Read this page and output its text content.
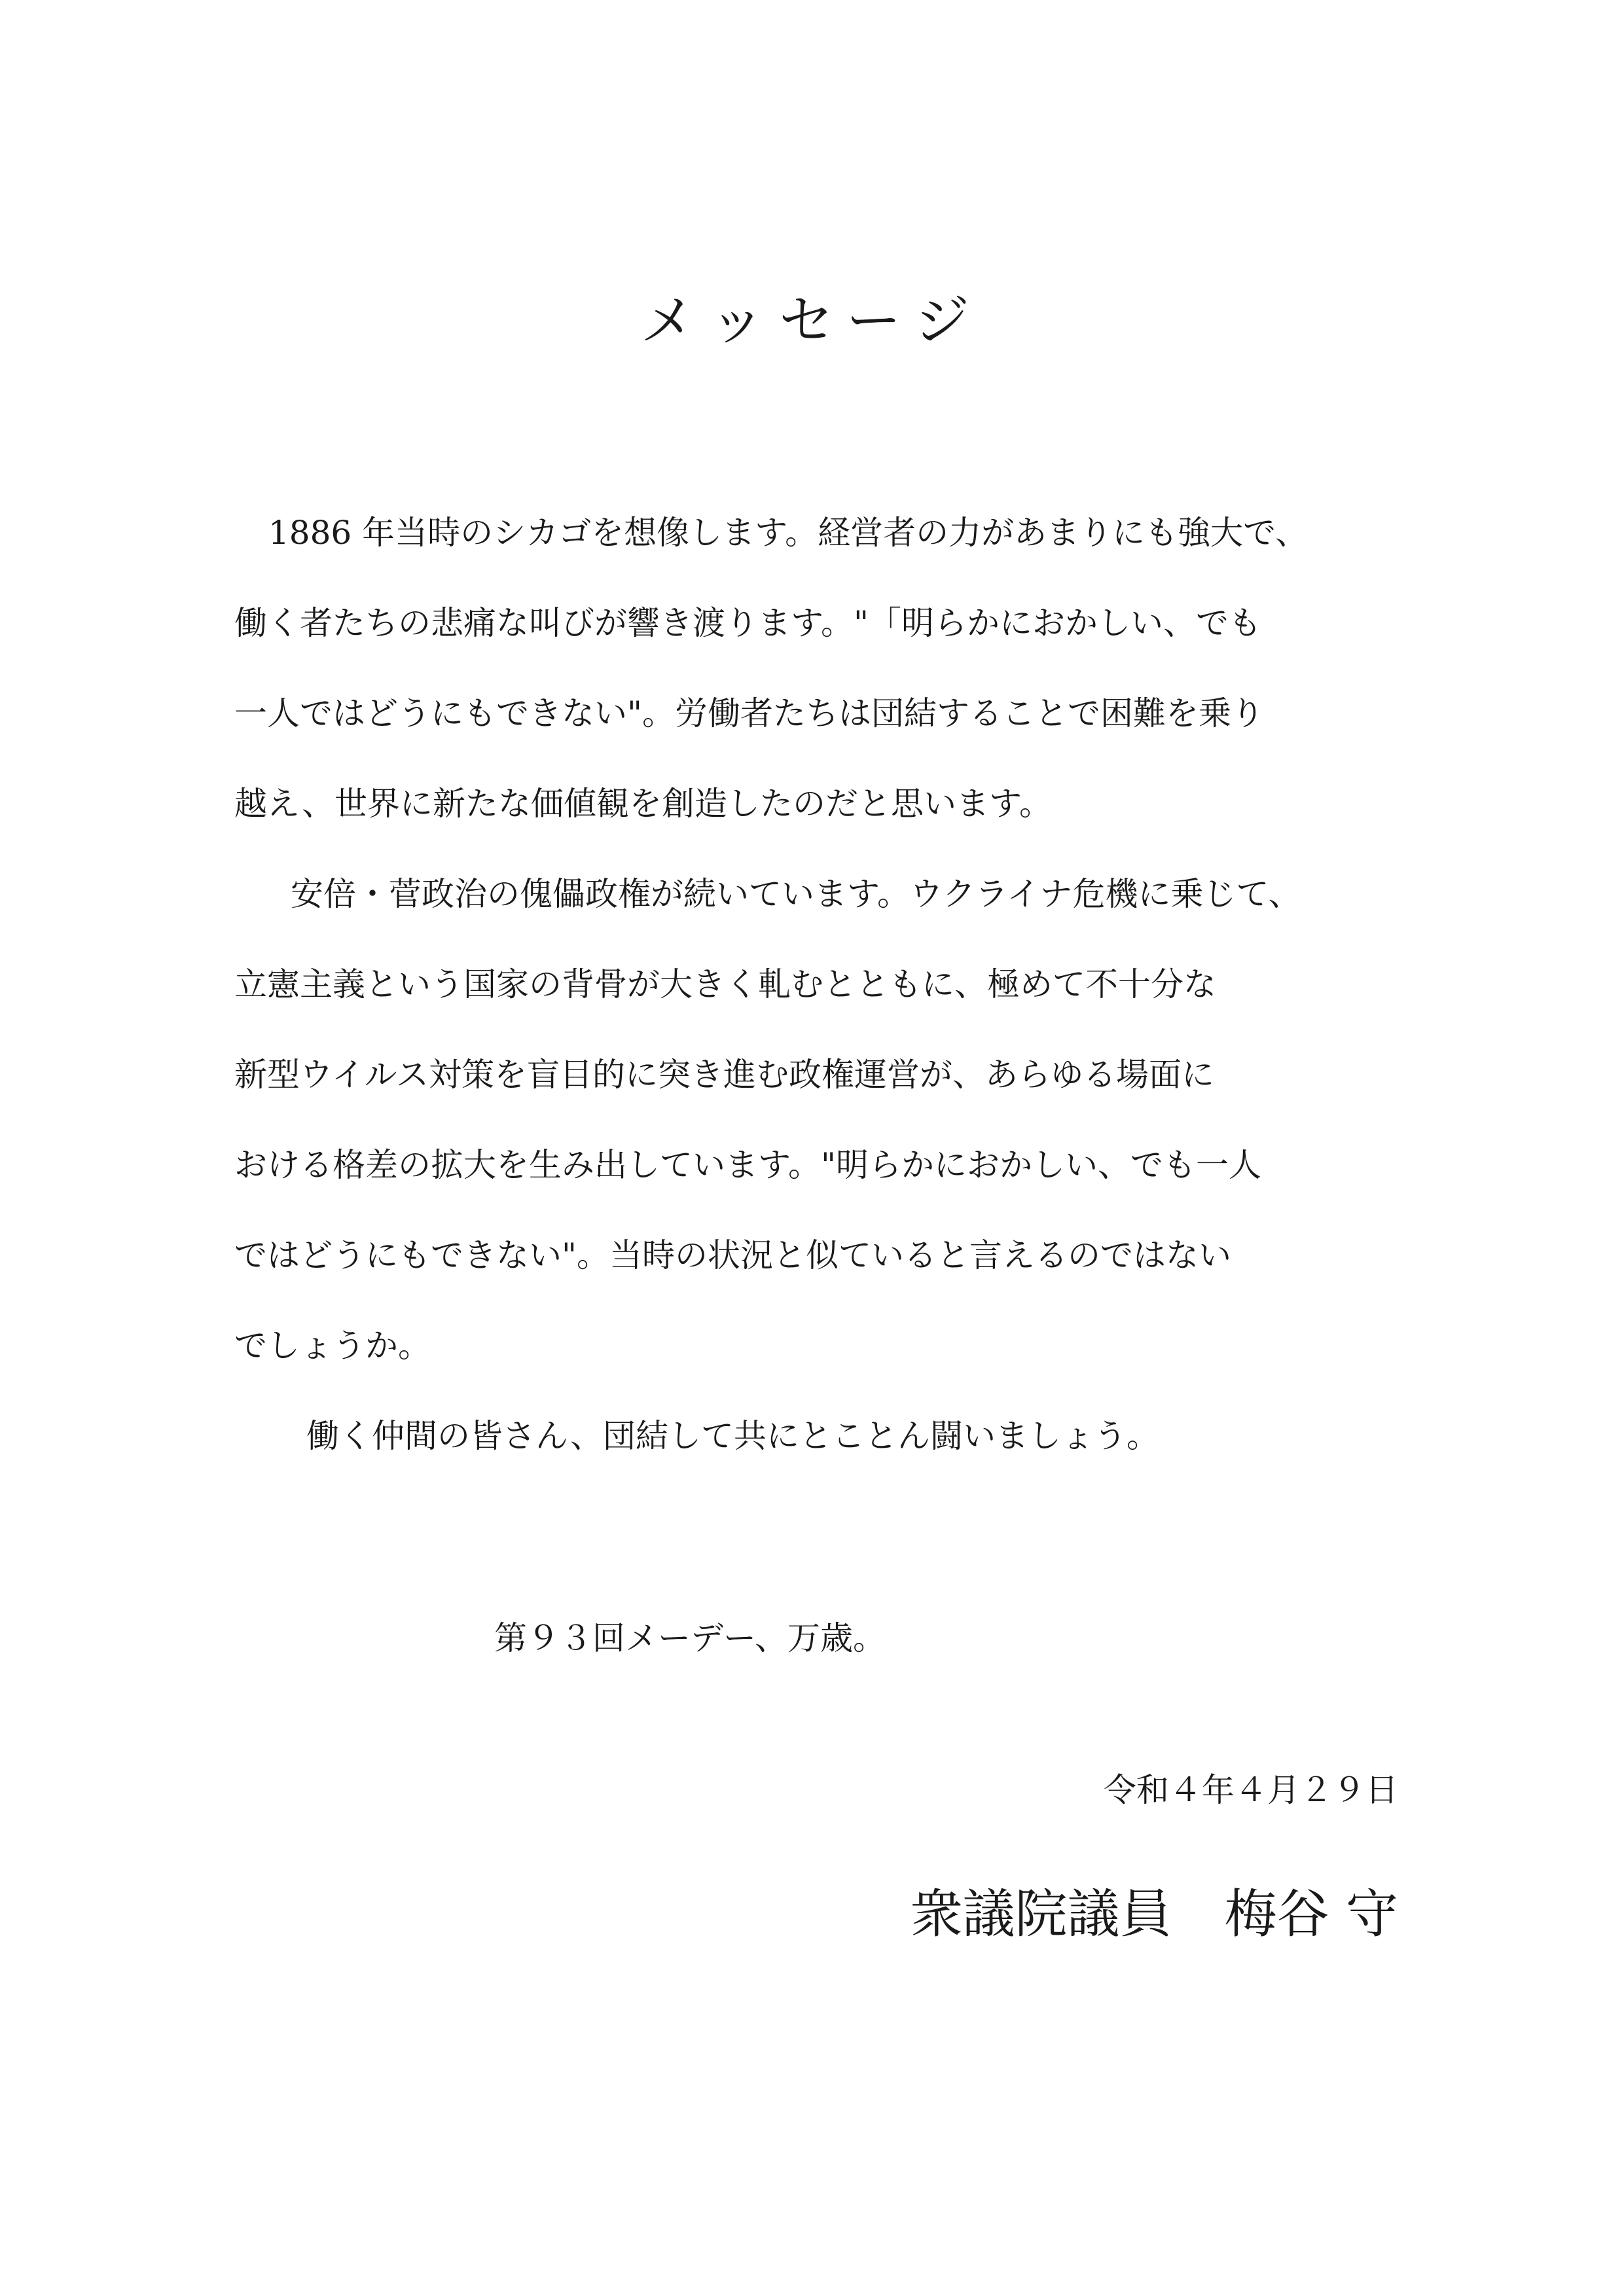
メッセージ
1886 年当時のシカゴを想像します。経営者の力があまりにも強大で、
働く者たちの悲痛な叫びが響き渡ります。"「明らかにおかしい、でも
一人ではどうにもできない"。労働者たちは団結することで困難を乗り
越え、世界に新たな価値観を創造したのだと思います。
安倍・菅政治の傀儡政権が続いています。ウクライナ危機に乗じて、
立憲主義という国家の背骨が大きく軋むとともに、極めて不十分な
新型ウイルス対策を盲目的に突き進む政権運営が、あらゆる場面に
おける格差の拡大を生み出しています。"明らかにおかしい、でも一人
ではどうにもできない"。当時の状況と似ていると言えるのではない
でしょうか。
働く仲間の皆さん、団結して共にとことん闘いましょう。
第９３回メーデー、万歳。
令和４年４月２９日
衆議院議員　梅谷 守
